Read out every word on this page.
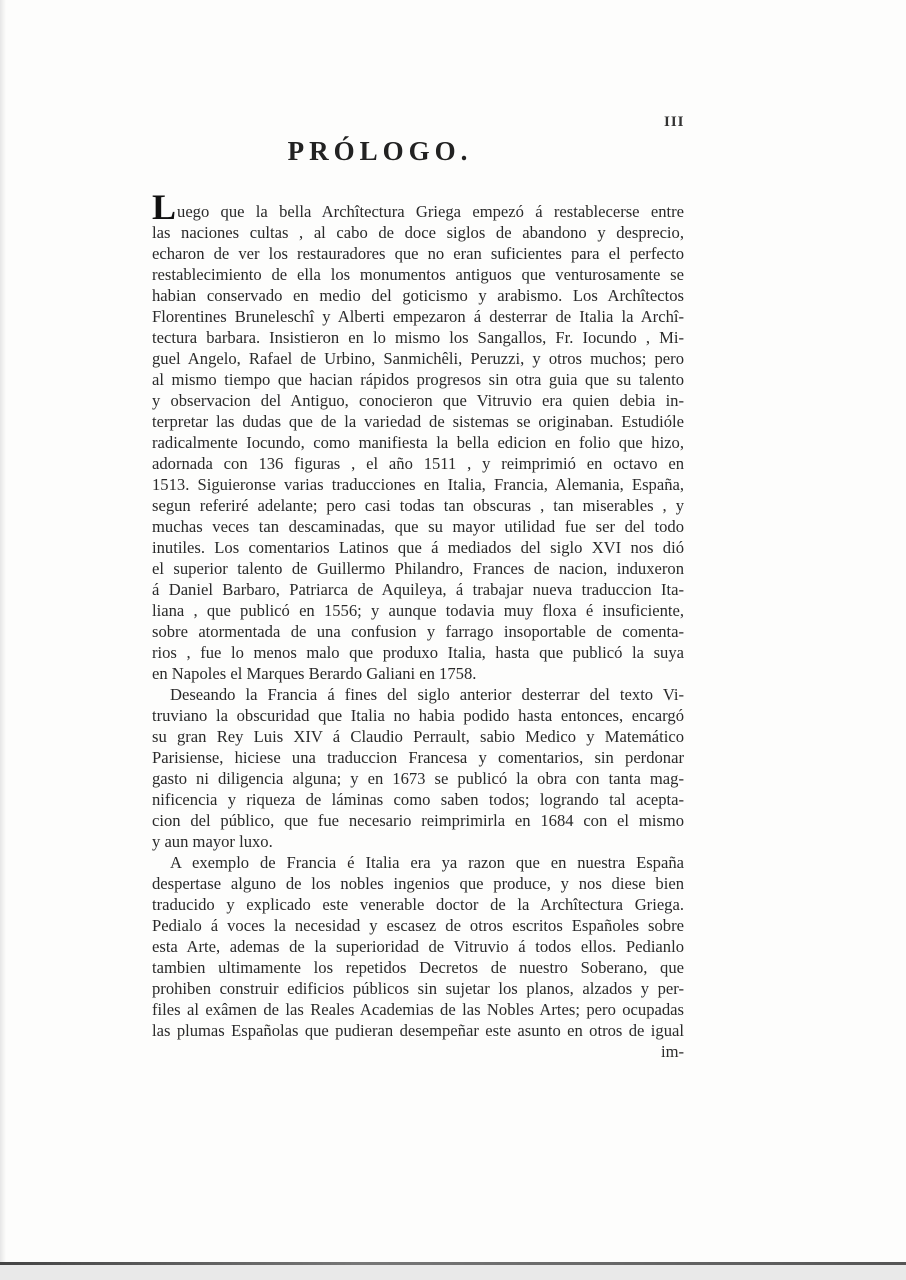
III
PRÓLOGO.
Luego que la bella Archîtectura Griega empezó á restablecerse entre
las naciones cultas , al cabo de doce siglos de abandono y desprecio,
echaron de ver los restauradores que no eran suficientes para el perfecto
restablecimiento de ella los monumentos antiguos que venturosamente se
habian conservado en medio del goticismo y arabismo. Los Archîtectos
Florentines Bruneleschî y Alberti empezaron á desterrar de Italia la Archî-
tectura barbara. Insistieron en lo mismo los Sangallos, Fr. Iocundo , Mi-
guel Angelo, Rafael de Urbino, Sanmichêli, Peruzzi, y otros muchos; pero
al mismo tiempo que hacian rápidos progresos sin otra guia que su talento
y observacion del Antiguo, conocieron que Vitruvio era quien debia in-
terpretar las dudas que de la variedad de sistemas se originaban. Estudióle
radicalmente Iocundo, como manifiesta la bella edicion en folio que hizo,
adornada con 136 figuras , el año 1511 , y reimprimió en octavo en
1513. Siguieronse varias traducciones en Italia, Francia, Alemania, España,
segun referiré adelante; pero casi todas tan obscuras , tan miserables , y
muchas veces tan descaminadas, que su mayor utilidad fue ser del todo
inutiles. Los comentarios Latinos que á mediados del siglo XVI nos dió
el superior talento de Guillermo Philandro, Frances de nacion, induxeron
á Daniel Barbaro, Patriarca de Aquileya, á trabajar nueva traduccion Ita-
liana , que publicó en 1556; y aunque todavia muy floxa é insuficiente,
sobre atormentada de una confusion y farrago insoportable de comenta-
rios , fue lo menos malo que produxo Italia, hasta que publicó la suya
en Napoles el Marques Berardo Galiani en 1758.
Deseando la Francia á fines del siglo anterior desterrar del texto Vi-
truviano la obscuridad que Italia no habia podido hasta entonces, encargó
su gran Rey Luis XIV á Claudio Perrault, sabio Medico y Matemático
Parisiense, hiciese una traduccion Francesa y comentarios, sin perdonar
gasto ni diligencia alguna; y en 1673 se publicó la obra con tanta mag-
nificencia y riqueza de láminas como saben todos; logrando tal acepta-
cion del público, que fue necesario reimprimirla en 1684 con el mismo
y aun mayor luxo.
A exemplo de Francia é Italia era ya razon que en nuestra España
despertase alguno de los nobles ingenios que produce, y nos diese bien
traducido y explicado este venerable doctor de la Archîtectura Griega.
Pedialo á voces la necesidad y escasez de otros escritos Españoles sobre
esta Arte, ademas de la superioridad de Vitruvio á todos ellos. Pedianlo
tambien ultimamente los repetidos Decretos de nuestro Soberano, que
prohiben construir edificios públicos sin sujetar los planos, alzados y per-
files al exâmen de las Reales Academias de las Nobles Artes; pero ocupadas
las plumas Españolas que pudieran desempeñar este asunto en otros de igual
im-
